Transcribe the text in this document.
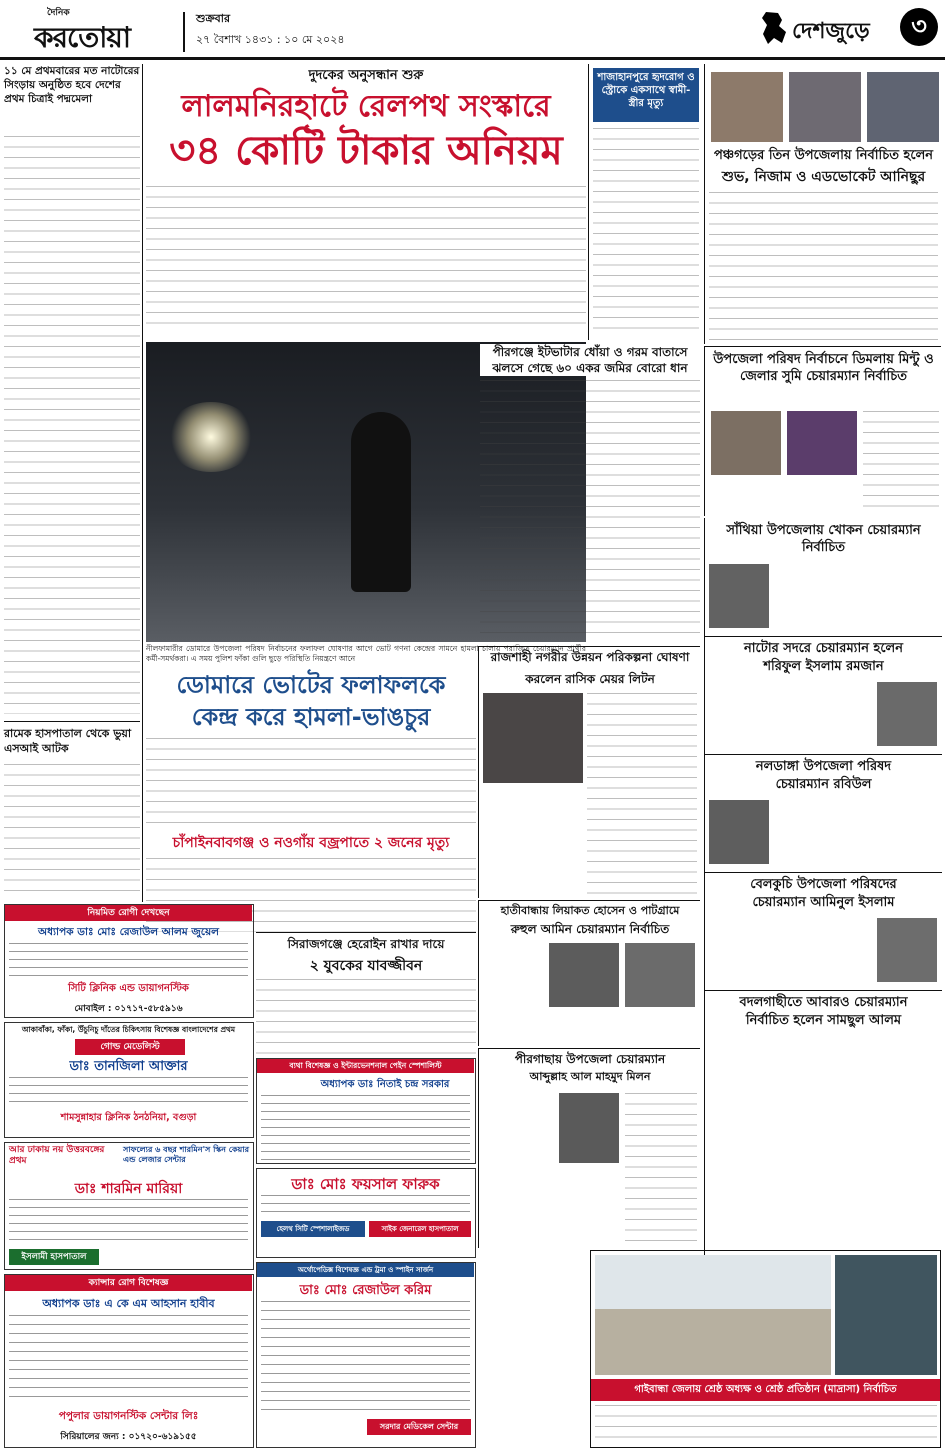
দৈনিক
করতোয়া
শুক্রবার
২৭ বৈশাখ ১৪৩১ : ১০ মে ২০২৪	দেশজুড়ে	৩
১১ মে প্রথমবারের মত নাটোরের সিংড়ায় অনুষ্ঠিত হবে দেশের প্রথম চিত্রাই পদ্মমেলা
রামেক হাসপাতাল থেকে ভুয়া এসআই আটক
দুদকের অনুসন্ধান শুরু
লালমনিরহাটে রেলপথ সংস্কারে
৩৪ কোটি টাকার অনিয়ম
শাজাহানপুরে হৃদরোগ ও স্ট্রোকে একসাথে স্বামী-স্ত্রীর মৃত্যু
পঞ্চগড়ের তিন উপজেলায় নির্বাচিত হলেন
শুভ, নিজাম ও এডভোকেট আনিছুর
উপজেলা পরিষদ নির্বাচনে ডিমলায় মিন্টু ও জেলার সুমি চেয়ারম্যান নির্বাচিত
নীলফামারীর ডোমারে উপজেলা পরিষদ নির্বাচনের ফলাফল ঘোষণার আগে ভোট গণনা কেন্দ্রের সামনে হামলা চালায় পরাজিত চেয়ারম্যান প্রার্থীর কর্মী-সমর্থকরা। এ সময় পুলিশ ফাঁকা গুলি ছুড়ে পরিস্থিতি নিয়ন্ত্রণে আনে
পীরগঞ্জে ইটভাটার ধোঁয়া ও গরম বাতাসে ঝলসে গেছে ৬০ একর জমির বোরো ধান
ডোমারে ভোটের ফলাফলকে
কেন্দ্র করে হামলা-ভাঙচুর
রাজশাহী নগরীর উন্নয়ন পরিকল্পনা ঘোষণা
করলেন রাসিক মেয়র লিটন
চাঁপাইনবাবগঞ্জ ও নওগাঁয় বজ্রপাতে ২ জনের মৃত্যু
সিরাজগঞ্জে হেরোইন রাখার দায়ে
২ যুবকের যাবজ্জীবন
হাতীবান্ধায় লিয়াকত হোসেন ও পাটগ্রামে
রুহুল আমিন চেয়ারম্যান নির্বাচিত
পীরগাছায় উপজেলা চেয়ারম্যান
আব্দুল্লাহ আল মাহমুদ মিলন
সাঁথিয়া উপজেলায় খোকন চেয়ারম্যান নির্বাচিত
নাটোর সদরে চেয়ারম্যান হলেন
শরিফুল ইসলাম রমজান
নলডাঙ্গা উপজেলা পরিষদ
চেয়ারম্যান রবিউল
বেলকুচি উপজেলা পরিষদের
চেয়ারম্যান আমিনুল ইসলাম
বদলগাছীতে আবারও চেয়ারম্যান
নির্বাচিত হলেন সামছুল আলম
গাইবান্ধা জেলায় শ্রেষ্ঠ অধ্যক্ষ ও শ্রেষ্ঠ প্রতিষ্ঠান (মাদ্রাসা) নির্বাচিত
নিয়মিত রোগী দেখছেন
অধ্যাপক ডাঃ মোঃ রেজাউল আলম জুয়েল
সিটি ক্লিনিক এন্ড ডায়াগনস্টিক
মোবাইল : ০১৭১৭-৫৮৫৯১৬
আকাবাঁকা, ফাঁকা, উঁচুনিচু দাঁতের চিকিৎসায় বিশেষজ্ঞ বাংলাদেশের প্রথম
গোল্ড মেডেলিস্ট
ডাঃ তানজিলা আক্তার
শামসুন্নাহার ক্লিনিক ঠনঠনিয়া, বগুড়া
আর ঢাকায় নয় উত্তরবঙ্গের প্রথম
সাফল্যের ৬ বছর শারমিন'স স্কিন কেয়ার এন্ড লেজার সেন্টার
ডাঃ শারমিন মারিয়া
ইসলামী হাসপাতাল
ক্যান্সার রোগ বিশেষজ্ঞ
অধ্যাপক ডাঃ এ কে এম আহসান হাবীব
পপুলার ডায়াগনস্টিক সেন্টার লিঃ
সিরিয়ালের জন্য : ০১৭২০-৬১৯১৫৫
ব্যথা বিশেষজ্ঞ ও ইন্টারভেনশনাল পেইন স্পেশালিস্ট
অধ্যাপক ডাঃ নিতাই চন্দ্র সরকার
ডাঃ মোঃ ফয়সাল ফারুক
হেলথ সিটি স্পেশালাইজড হাসপাতাল
সাইক জেনারেল হাসপাতাল
অর্থোপেডিক্স বিশেষজ্ঞ এন্ড ট্রমা ও স্পাইন সার্জন
ডাঃ মোঃ রেজাউল করিম
সরদার মেডিকেল সেন্টার
